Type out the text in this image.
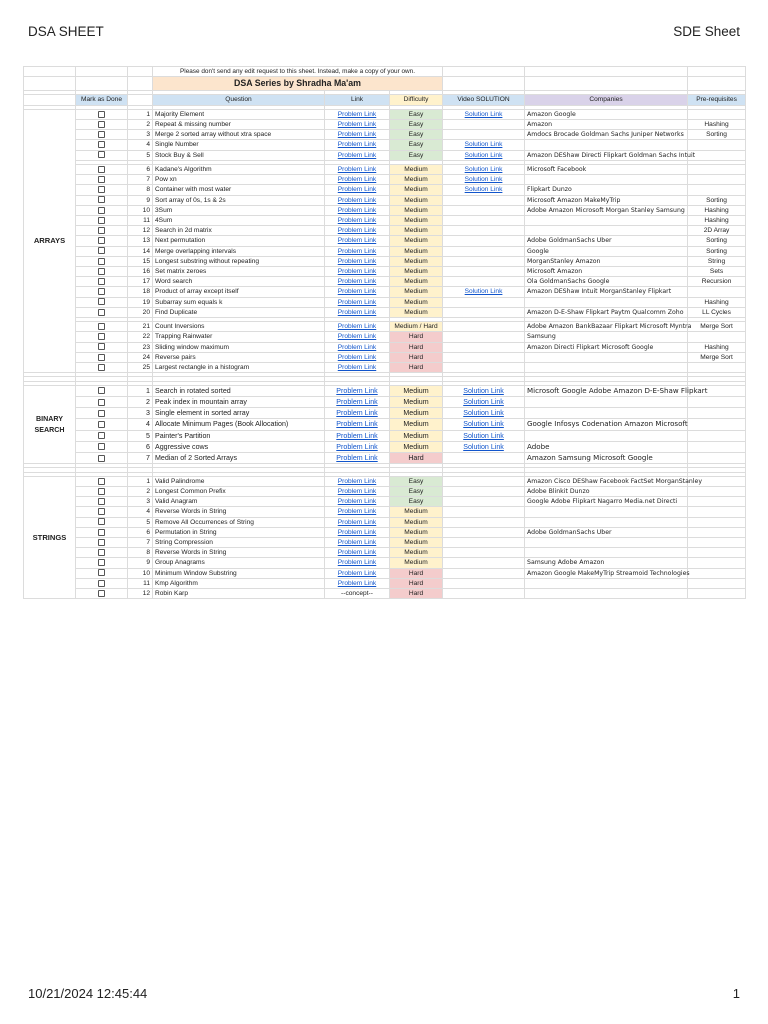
DSA SHEET	SDE Sheet
			Please don't send any edit request to this sheet. Instead, make a copy of your own.					
			DSA Series by Shradha Ma'am					

	Mark as Done		Question	Link	Difficulty	Video SOLUTION	Companies	Pre-requisites

ARRAYS		1	Majority Element	Problem Link	Easy	Solution Link	Amazon Google	
		2	Repeat & missing number	Problem Link	Easy		Amazon	Hashing
		3	Merge 2 sorted array without xtra space	Problem Link	Easy		Amdocs Brocade Goldman Sachs Juniper Networks	Sorting
		4	Single Number	Problem Link	Easy	Solution Link		
		5	Stock Buy & Sell	Problem Link	Easy	Solution Link	Amazon DEShaw Directi Flipkart Goldman Sachs Intuit	

		6	Kadane's Algorithm	Problem Link	Medium	Solution Link	Microsoft Facebook	
		7	Pow xn	Problem Link	Medium	Solution Link		
		8	Container with most water	Problem Link	Medium	Solution Link	Flipkart Dunzo	
		9	Sort array of 0s, 1s & 2s	Problem Link	Medium		Microsoft Amazon MakeMyTrip	Sorting
		10	3Sum	Problem Link	Medium		Adobe Amazon Microsoft Morgan Stanley Samsung	Hashing
		11	4Sum	Problem Link	Medium			Hashing
		12	Search in 2d matrix	Problem Link	Medium			2D Array
		13	Next permutation	Problem Link	Medium		Adobe GoldmanSachs Uber	Sorting
		14	Merge overlapping intervals	Problem Link	Medium		Google	Sorting
		15	Longest substring without repeating	Problem Link	Medium		MorganStanley Amazon	String
		16	Set matrix zeroes	Problem Link	Medium		Microsoft Amazon	Sets
		17	Word search	Problem Link	Medium		Ola GoldmanSachs Google	Recursion
		18	Product of array except itself	Problem Link	Medium	Solution Link	Amazon DEShaw Intuit MorganStanley Flipkart	
		19	Subarray sum equals k	Problem Link	Medium			Hashing
		20	Find Duplicate	Problem Link	Medium		Amazon D-E-Shaw Flipkart Paytm Qualcomm Zoho	LL Cycles

		21	Count Inversions	Problem Link	Medium / Hard		Adobe Amazon BankBazaar Flipkart Microsoft Myntra	Merge Sort
		22	Trapping Rainwater	Problem Link	Hard		Samsung	
		23	Sliding window maximum	Problem Link	Hard		Amazon Directi Flipkart Microsoft Google	Hashing
		24	Reverse pairs	Problem Link	Hard			Merge Sort
		25	Largest rectangle in a histogram	Problem Link	Hard			

BINARY SEARCH		1	Search in rotated sorted	Problem Link	Medium	Solution Link	Microsoft Google Adobe Amazon D-E-Shaw Flipkart	
		2	Peak index in mountain array	Problem Link	Medium	Solution Link		
		3	Single element in sorted array	Problem Link	Medium	Solution Link		
		4	Allocate Minimum Pages (Book Allocation)	Problem Link	Medium	Solution Link	Google Infosys Codenation Amazon Microsoft	
		5	Painter's Partition	Problem Link	Medium	Solution Link		
		6	Aggressive cows	Problem Link	Medium	Solution Link	Adobe	
		7	Median of 2 Sorted Arrays	Problem Link	Hard		Amazon Samsung Microsoft Google	

STRINGS		1	Valid Palindrome	Problem Link	Easy		Amazon Cisco DEShaw Facebook FactSet MorganStanley	
		2	Longest Common Prefix	Problem Link	Easy		Adobe Blinkit Dunzo	
		3	Valid Anagram	Problem Link	Easy		Google Adobe Flipkart Nagarro Media.net Directi	
		4	Reverse Words in String	Problem Link	Medium			
		5	Remove All Occurrences of String	Problem Link	Medium			
		6	Permutation in String	Problem Link	Medium		Adobe GoldmanSachs Uber	
		7	String Compression	Problem Link	Medium			
		8	Reverse Words in String	Problem Link	Medium			
		9	Group Anagrams	Problem Link	Medium		Samsung Adobe Amazon	
		10	Minimum Window Substring	Problem Link	Hard		Amazon Google MakeMyTrip Streamoid Technologies	
		11	Kmp Algorithm	Problem Link	Hard			
		12	Robin Karp	--concept--	Hard			
10/21/2024 12:45:44	1
